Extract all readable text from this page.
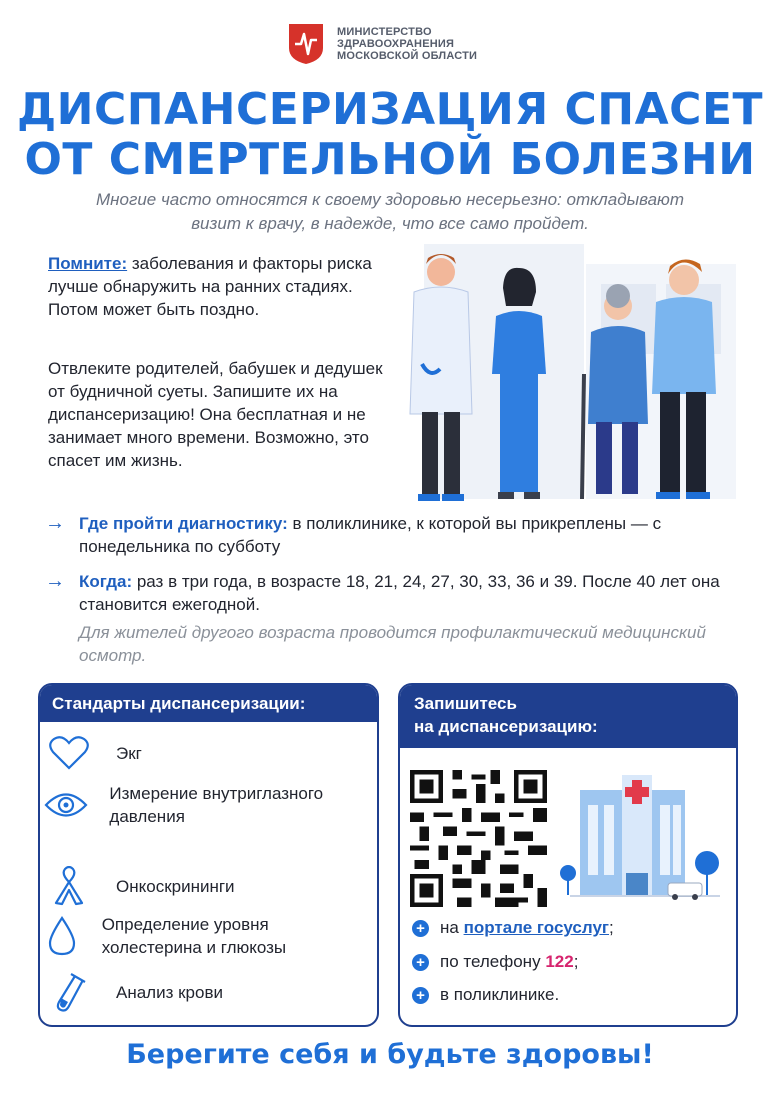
МИНИСТЕРСТВО
ЗДРАВООХРАНЕНИЯ
МОСКОВСКОЙ ОБЛАСТИ
ДИСПАНСЕРИЗАЦИЯ СПАСЕТ
ОТ СМЕРТЕЛЬНОЙ БОЛЕЗНИ
Многие часто относятся к своему здоровью несерьезно: откладывают
визит к врачу, в надежде, что все само пройдет.
Помните: заболевания и факторы риска лучше обнаружить на ранних стадиях. Потом может быть поздно.
Отвлеките родителей, бабушек и дедушек от будничной суеты. Запишите их на диспансеризацию! Она бесплатная и не занимает много времени. Возможно, это спасет им жизнь.
→ Где пройти диагностику: в поликлинике, к которой вы прикреплены — с понедельника по субботу
→ Когда: раз в три года, в возрасте 18, 21, 24, 27, 30, 33, 36 и 39. После 40 лет она становится ежегодной.
Для жителей другого возраста проводится профилактический медицинский осмотр.
Стандарты диспансеризации:
Экг
Измерение внутриглазного давления
Онкоскрининги
Определение уровня холестерина и глюкозы
Анализ крови
Запишитесь
на диспансеризацию:
+ на
портале госуслуг ;
+ по телефону
122 ;
+ в поликлинике.
Берегите себя и будьте здоровы!
